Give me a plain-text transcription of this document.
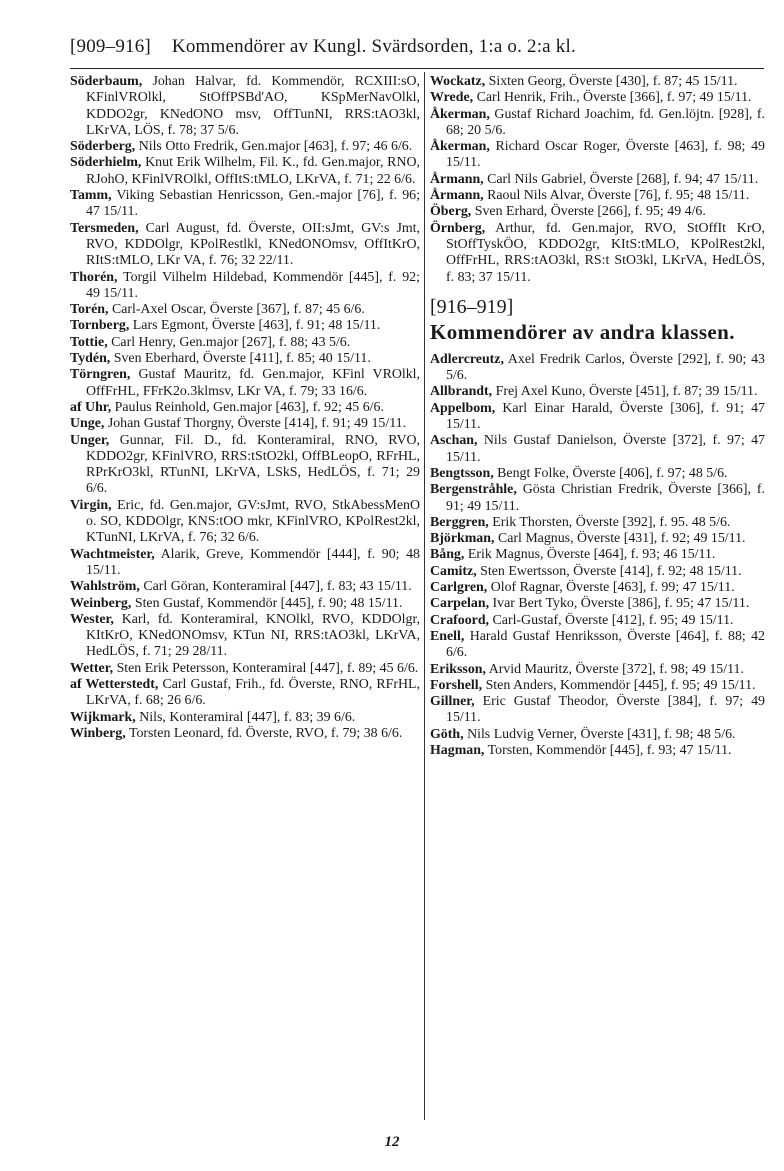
[909–916] Kommendörer av Kungl. Svärdsorden, 1:a o. 2:a kl.

Söderbaum, Johan Halvar, fd. Kommendör, RCXIII:sO, KFinlVROlkl, StOffPSBd'AO, KSpMerNavOlkl, KDDO2gr, KNedONO msv, OffTunNI, RRS:tAO3kl, LKrVA, LÖS, f. 78; 37 5/6.

Söderberg, Nils Otto Fredrik, Gen.major [463], f. 97; 46 6/6.

Söderhielm, Knut Erik Wilhelm, Fil. K., fd. Gen.major, RNO, RJohO, KFinlVROlkl, OffItS:tMLO, LKrVA, f. 71; 22 6/6.

Tamm, Viking Sebastian Henricsson, Gen.-major [76], f. 96; 47 15/11.

Tersmeden, Carl August, fd. Överste, OII:sJmt, GV:s Jmt, RVO, KDDOlgr, KPolRestlkl, KNedONOmsv, OffItKrO, RItS:tMLO, LKr VA, f. 76; 32 22/11.

Thorén, Torgil Vilhelm Hildebad, Kommendör [445], f. 92; 49 15/11.

Torén, Carl-Axel Oscar, Överste [367], f. 87; 45 6/6.

Tornberg, Lars Egmont, Överste [463], f. 91; 48 15/11.

Tottie, Carl Henry, Gen.major [267], f. 88; 43 5/6.

Tydén, Sven Eberhard, Överste [411], f. 85; 40 15/11.

Törngren, Gustaf Mauritz, fd. Gen.major, KFinl VROlkl, OffFrHL, FFrK2o.3klmsv, LKr VA, f. 79; 33 16/6.

af Uhr, Paulus Reinhold, Gen.major [463], f. 92; 45 6/6.

Unge, Johan Gustaf Thorgny, Överste [414], f. 91; 49 15/11.

Unger, Gunnar, Fil. D., fd. Konteramiral, RNO, RVO, KDDO2gr, KFinlVRO, RRS:tStO2kl, OffBLeopO, RFrHL, RPrKrO3kl, RTunNI, LKrVA, LSkS, HedLÖS, f. 71; 29 6/6.

Virgin, Eric, fd. Gen.major, GV:sJmt, RVO, StkAbessMenO o. SO, KDDOlgr, KNS:tOO mkr, KFinlVRO, KPolRest2kl, KTunNI, LKrVA, f. 76; 32 6/6.

Wachtmeister, Alarik, Greve, Kommendör [444], f. 90; 48 15/11.

Wahlström, Carl Göran, Konteramiral [447], f. 83; 43 15/11.

Weinberg, Sten Gustaf, Kommendör [445], f. 90; 48 15/11.

Wester, Karl, fd. Konteramiral, KNOlkl, RVO, KDDOlgr, KItKrO, KNedONOmsv, KTun NI, RRS:tAO3kl, LKrVA, HedLÖS, f. 71; 29 28/11.

Wetter, Sten Erik Petersson, Konteramiral [447], f. 89; 45 6/6.

af Wetterstedt, Carl Gustaf, Frih., fd. Överste, RNO, RFrHL, LKrVA, f. 68; 26 6/6.

Wijkmark, Nils, Konteramiral [447], f. 83; 39 6/6.

Winberg, Torsten Leonard, fd. Överste, RVO, f. 79; 38 6/6.

Wockatz, Sixten Georg, Överste [430], f. 87; 45 15/11.

Wrede, Carl Henrik, Frih., Överste [366], f. 97; 49 15/11.

Åkerman, Gustaf Richard Joachim, fd. Gen.löjtn. [928], f. 68; 20 5/6.

Åkerman, Richard Oscar Roger, Överste [463], f. 98; 49 15/11.

Årmann, Carl Nils Gabriel, Överste [268], f. 94; 47 15/11.

Årmann, Raoul Nils Alvar, Överste [76], f. 95; 48 15/11.

Öberg, Sven Erhard, Överste [266], f. 95; 49 4/6.

Örnberg, Arthur, fd. Gen.major, RVO, StOffIt KrO, StOffTyskÖO, KDDO2gr, KItS:tMLO, KPolRest2kl, OffFrHL, RRS:tAO3kl, RS:t StO3kl, LKrVA, HedLÖS, f. 83; 37 15/11.

[916–919]
Kommendörer av andra klassen.

Adlercreutz, Axel Fredrik Carlos, Överste [292], f. 90; 43 5/6.

Allbrandt, Frej Axel Kuno, Överste [451], f. 87; 39 15/11.

Appelbom, Karl Einar Harald, Överste [306], f. 91; 47 15/11.

Aschan, Nils Gustaf Danielson, Överste [372], f. 97; 47 15/11.

Bengtsson, Bengt Folke, Överste [406], f. 97; 48 5/6.

Bergenstråhle, Gösta Christian Fredrik, Överste [366], f. 91; 49 15/11.

Berggren, Erik Thorsten, Överste [392], f. 95. 48 5/6.

Björkman, Carl Magnus, Överste [431], f. 92; 49 15/11.

Bång, Erik Magnus, Överste [464], f. 93; 46 15/11.

Camitz, Sten Ewertsson, Överste [414], f. 92; 48 15/11.

Carlgren, Olof Ragnar, Överste [463], f. 99; 47 15/11.

Carpelan, Ivar Bert Tyko, Överste [386], f. 95; 47 15/11.

Crafoord, Carl-Gustaf, Överste [412], f. 95; 49 15/11.

Enell, Harald Gustaf Henriksson, Överste [464], f. 88; 42 6/6.

Eriksson, Arvid Mauritz, Överste [372], f. 98; 49 15/11.

Forshell, Sten Anders, Kommendör [445], f. 95; 49 15/11.

Gillner, Eric Gustaf Theodor, Överste [384], f. 97; 49 15/11.

Göth, Nils Ludvig Verner, Överste [431], f. 98; 48 5/6.

Hagman, Torsten, Kommendör [445], f. 93; 47 15/11.

12
